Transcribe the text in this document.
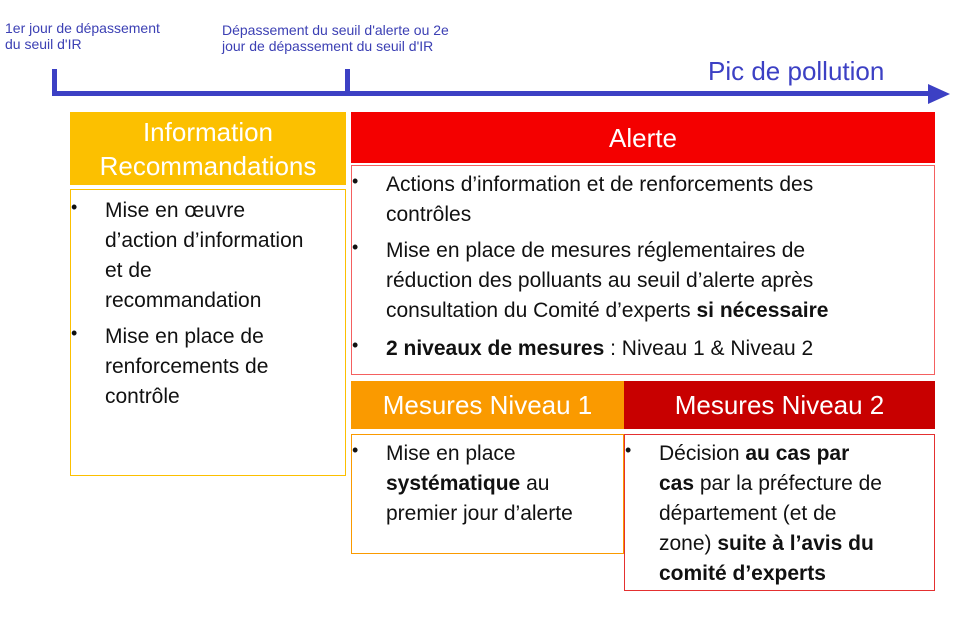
1er jour de dépassement
du seuil d'IR
Dépassement du seuil d'alerte ou 2e
jour de dépassement du seuil d'IR
Pic de pollution
Information
Recommandations
Alerte
Mesures Niveau 1	Mesures Niveau 2
• Mise en œuvre
d’action d’information
et de
recommandation
• Mise en place de
renforcements de
contrôle
• Actions d’information et de renforcements des
contrôles
• Mise en place de mesures réglementaires de
réduction des polluants au seuil d’alerte après
consultation du Comité d’experts si nécessaire
• 2 niveaux de mesures : Niveau 1 & Niveau 2
• Mise en place
systématique au
premier jour d’alerte
• Décision au cas par
cas par la préfecture de
département (et de
zone) suite à l’avis du
comité d’experts
